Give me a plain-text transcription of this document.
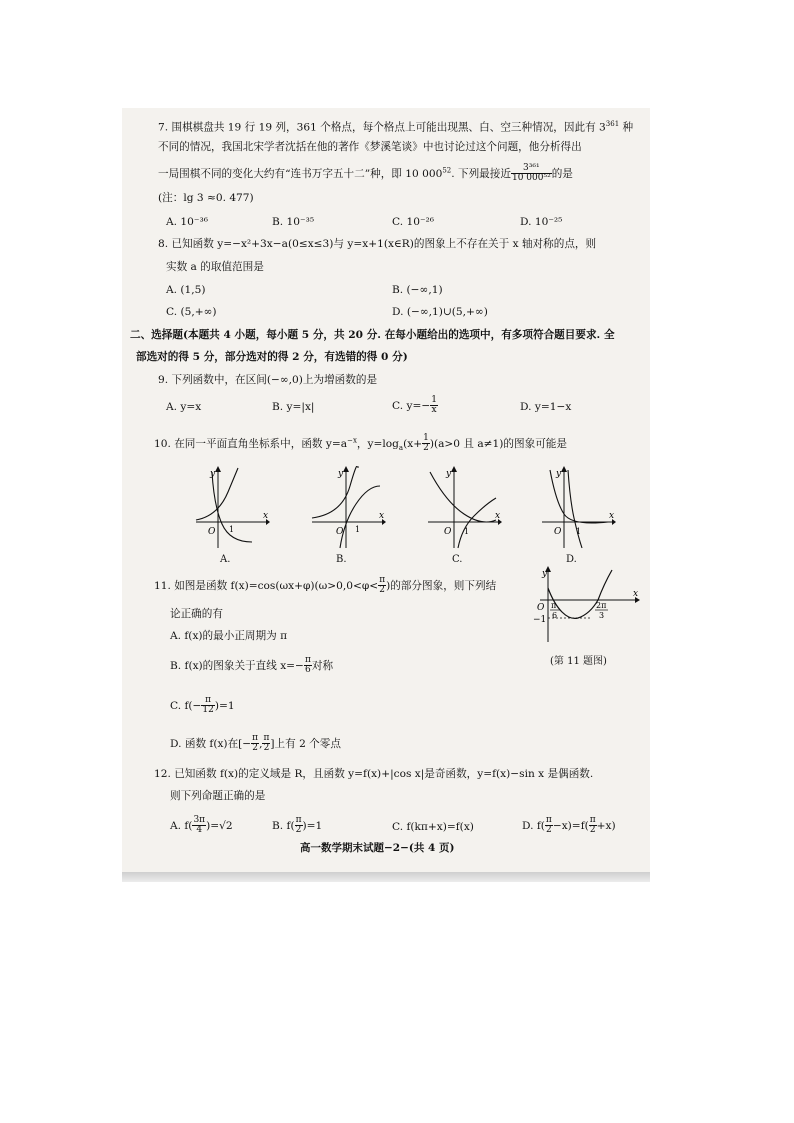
7. 围棋棋盘共 19 行 19 列，361 个格点，每个格点上可能出现黑、白、空三种情况，因此有 $3^{361}$ 种
不同的情况，我国北宋学者沈括在他的著作《梦溪笔谈》中也讨论过这个问题，他分析得出
一局围棋不同的变化大约有“连书万字五十二”种，即 10 $000^{52}$. 下列最接近 $\frac{\text{3³⁶¹}}{\text{10 000⁵²}}$ 的是
(注：lg 3 ≈0. 477)
A. 10⁻³⁶	B. 10⁻³⁵	C. 10⁻²⁶	D. 10⁻²⁵
8. 已知函数 y=−x²+3x−a(0≤x≤3)与 y=x+1(x∈R)的图象上不存在关于 x 轴对称的点，则
实数 a 的取值范围是
A. (1,5)	B. (−∞,1)
C. (5,+∞)	D. (−∞,1)∪(5,+∞)
二、选择题(本题共 4 小题，每小题 5 分，共 20 分. 在每小题给出的选项中，有多项符合题目要求. 全
部选对的得 5 分，部分选对的得 2 分，有选错的得 0 分)
9. 下列函数中，在区间(−∞,0)上为增函数的是
A. y=x	B. y=|x|	C. $y=- \frac{1}{x}$	D. y=1−x
10. 在同一平面直角坐标系中，函数 $y=a^{-x}$，$y=\log_a(x+ \frac{1}{2} )(a>0$ 且 a≠1)的图象可能是
y
x
O 1
A.
y
x
O 1
B.
y
x
O 1
C.
y
x
O 1
D.
11. 如图是函数 $f(x)=\cos(\omega x+\varphi)(\omega>0,0<\varphi< \frac{\pi}{2}$ )的部分图象，则下列结
论正确的有
A. f(x)的最小正周期为 π
B. f(x)的图象关于直线 $x=- \frac{\pi}{6}$ 对称
C. $f(- \frac{\pi}{12} )=1$
D. 函数 f(x)在[− $\frac{\pi}{2}$ , $\frac{\pi}{2}$ ]上有 2 个零点
y
x
O
−1
π
6
2π
3
(第 11 题图)
12. 已知函数 f(x)的定义域是 R，且函数 y=f(x)+|cos x|是奇函数，y=f(x)−sin x 是偶函数.
则下列命题正确的是
A. $f( \frac{3\pi}{4} )=√2$	B. $f( \frac{\pi}{2} )=1$	C. f(kπ+x)=f(x)	D. $f( \frac{\pi}{2} -x)=f( \frac{\pi}{2} +x)$
高一数学期末试题−2−(共 4 页)
